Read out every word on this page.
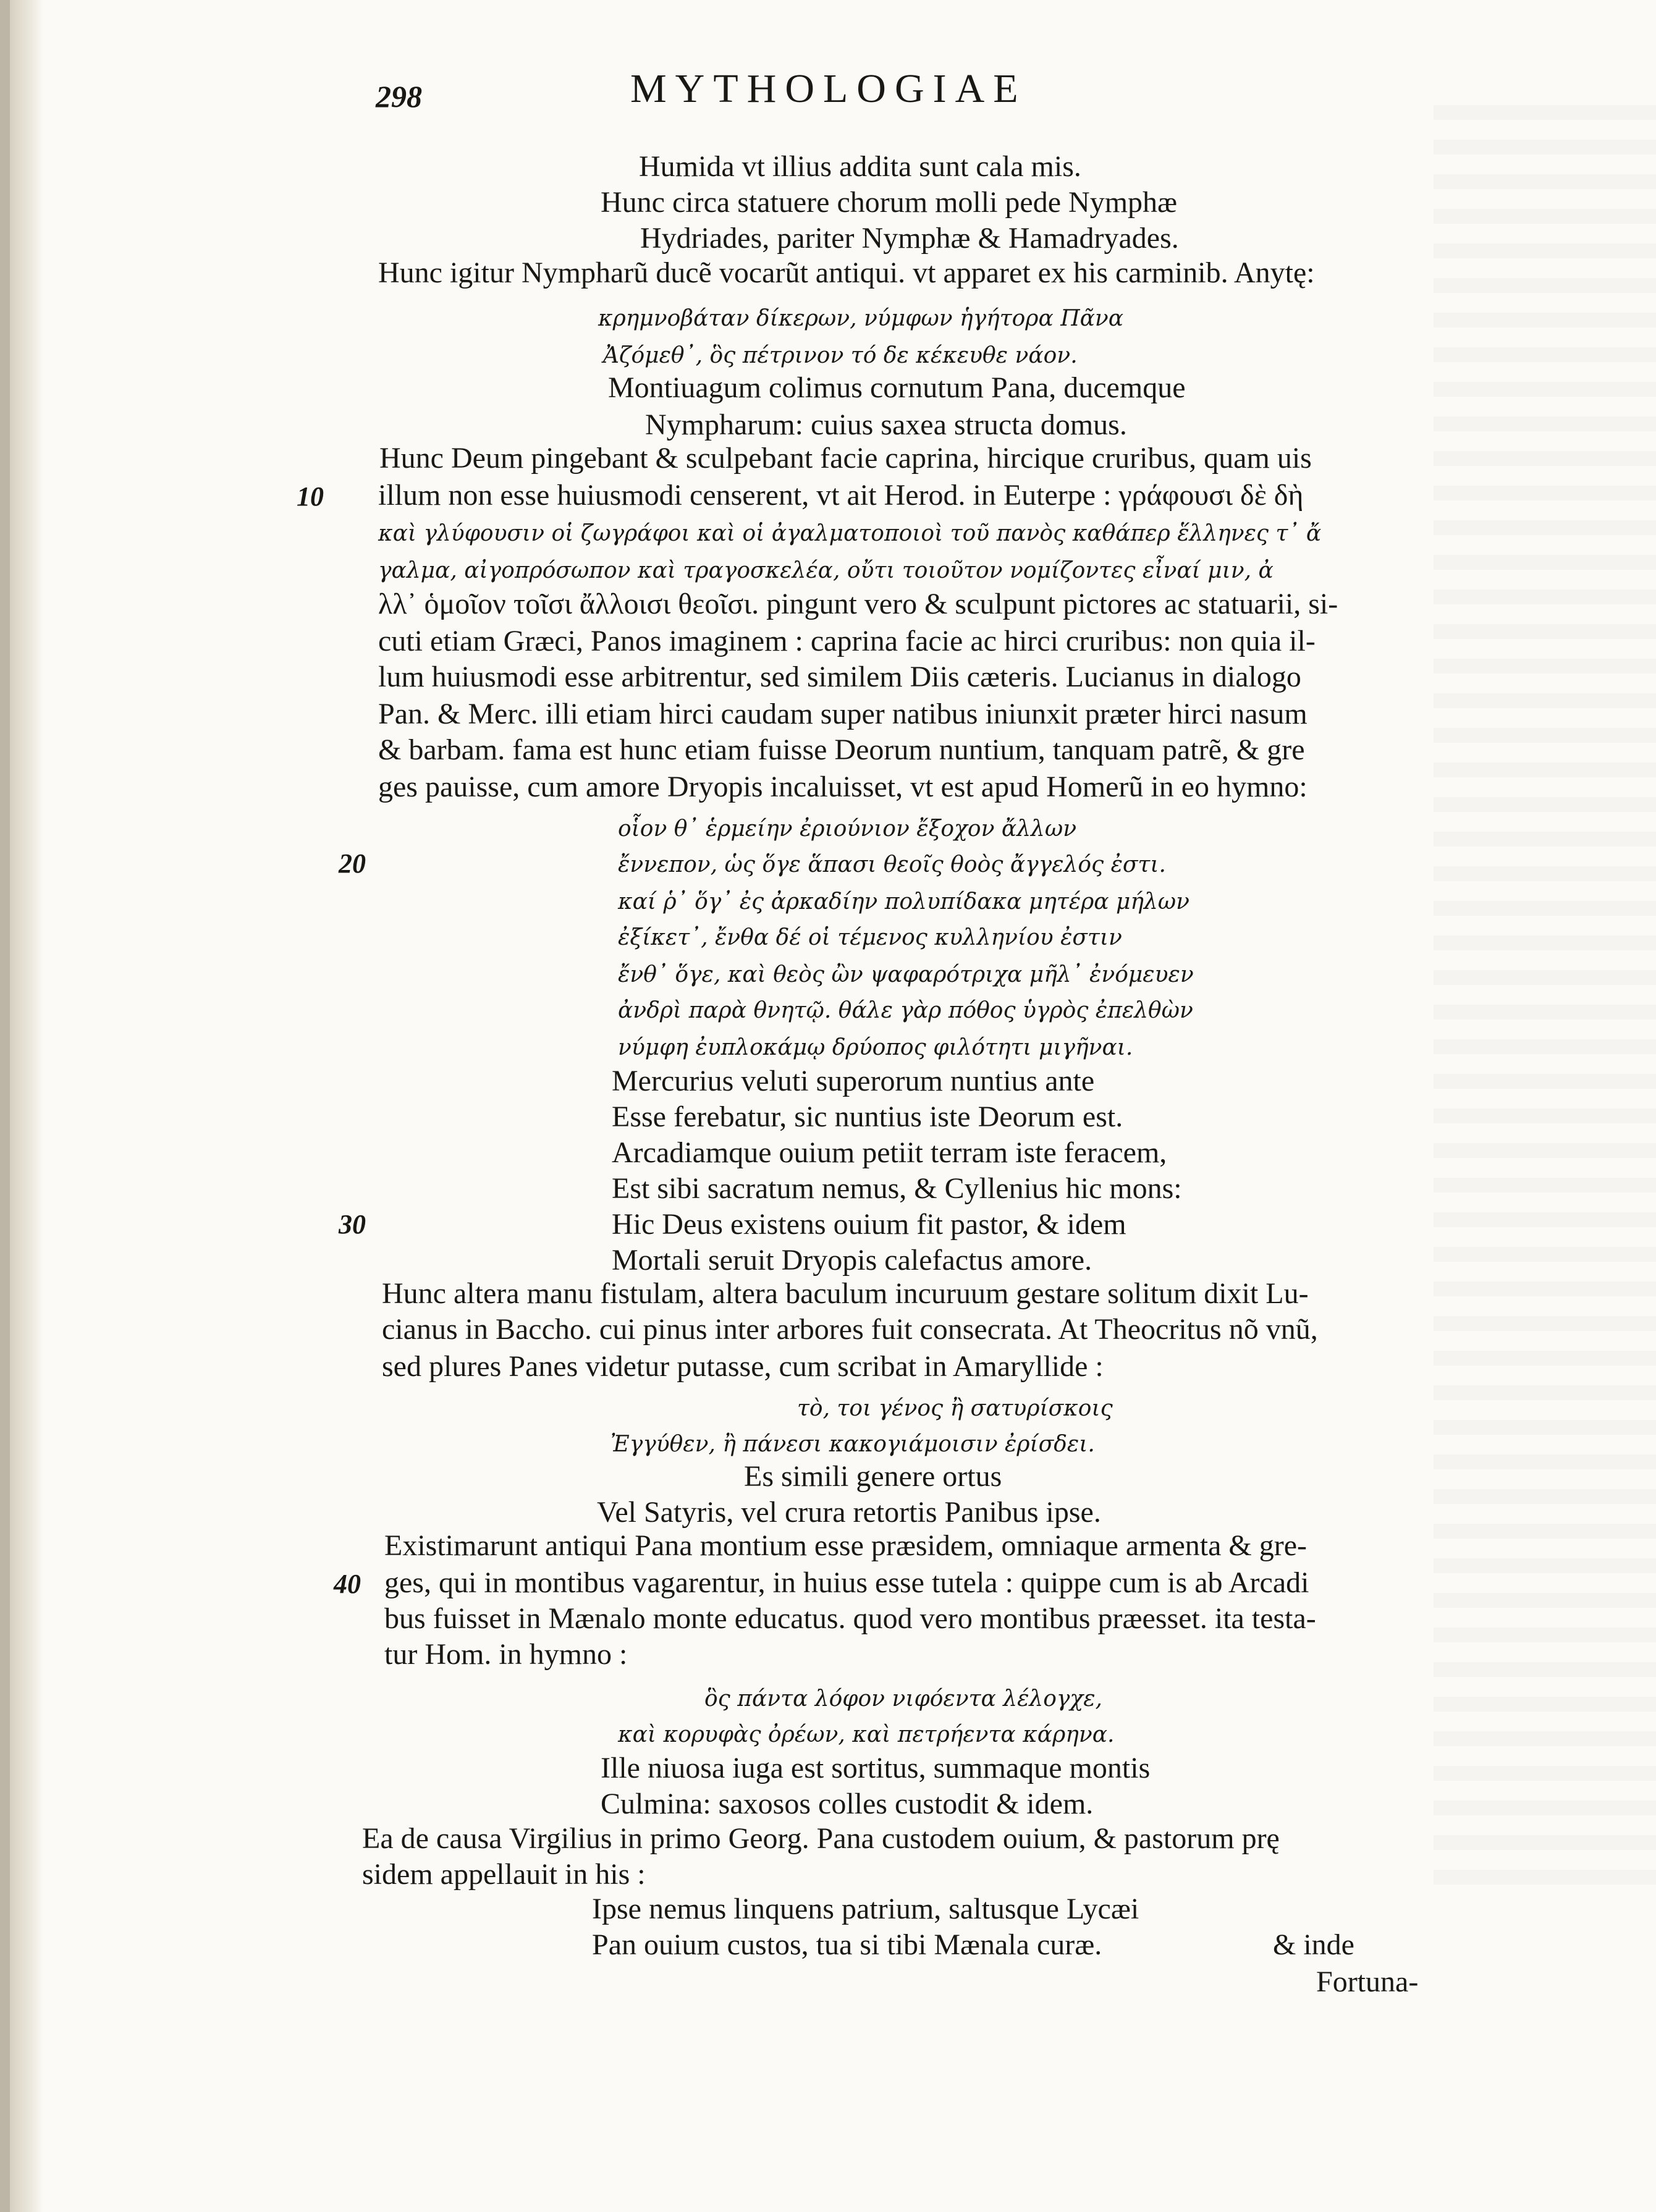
298	MYTHOLOGIAE
10
20
30
40
Humida vt illius addita sunt cala mis.
Hunc circa statuere chorum molli pede Nymphæ
Hydriades, pariter Nymphæ & Hamadryades.
Hunc igitur Nympharũ ducẽ vocarũt antiqui. vt apparet ex his carminib. Anytę:
κρημνοβάταν δίκερων, νύμφων ἡγήτορα Πᾶνα
Ἀζόμεθ᾽, ὃς πέτρινον τό δε κέκευθε νάον.
Montiuagum colimus cornutum Pana, ducemque
Nympharum: cuius saxea structa domus.
Hunc Deum pingebant & sculpebant facie caprina, hircique cruribus, quam uis
illum non esse huiusmodi censerent, vt ait Herod. in Euterpe : γράφουσι δὲ δὴ
καὶ γλύφουσιν οἱ ζωγράφοι καὶ οἱ ἀγαλματοποιοὶ τοῦ πανὸς καθάπερ ἕλληνες τ᾽ ἄ
γαλμα, αἰγοπρόσωπον καὶ τραγοσκελέα, οὔτι τοιοῦτον νομίζοντες εἶναί μιν, ἀ
λλ᾽ ὁμοῖον τοῖσι ἄλλοισι θεοῖσι. pingunt vero & sculpunt pictores ac statuarii, si-
cuti etiam Græci, Panos imaginem : caprina facie ac hirci cruribus: non quia il-
lum huiusmodi esse arbitrentur, sed similem Diis cæteris. Lucianus in dialogo
Pan. & Merc. illi etiam hirci caudam super natibus iniunxit præter hirci nasum
& barbam. fama est hunc etiam fuisse Deorum nuntium, tanquam patrẽ, & gre
ges pauisse, cum amore Dryopis incaluisset, vt est apud Homerũ in eo hymno:
οἷον θ᾽ ἑρμείην ἐριούνιον ἔξοχον ἄλλων
ἔννεπον, ὡς ὅγε ἅπασι θεοῖς θοὸς ἄγγελός ἐστι.
καί ῥ᾽ ὅγ᾽ ἐς ἀρκαδίην πολυπίδακα μητέρα μήλων
ἐξίκετ᾽, ἔνθα δέ οἱ τέμενος κυλληνίου ἐστιν
ἔνθ᾽ ὅγε, καὶ θεὸς ὢν ψαφαρότριχα μῆλ᾽ ἐνόμευεν
ἀνδρὶ παρὰ θνητῷ. θάλε γὰρ πόθος ὑγρὸς ἐπελθὼν
νύμφη ἐυπλοκάμῳ δρύοπος φιλότητι μιγῆναι.
Mercurius veluti superorum nuntius ante
Esse ferebatur, sic nuntius iste Deorum est.
Arcadiamque ouium petiit terram iste feracem,
Est sibi sacratum nemus, & Cyllenius hic mons:
Hic Deus existens ouium fit pastor, & idem
Mortali seruit Dryopis calefactus amore.
Hunc altera manu fistulam, altera baculum incuruum gestare solitum dixit Lu-
cianus in Baccho. cui pinus inter arbores fuit consecrata. At Theocritus nõ vnũ,
sed plures Panes videtur putasse, cum scribat in Amaryllide :
τὸ, τοι γένος ἢ σατυρίσκοις
Ἐγγύθεν, ἢ πάνεσι κακογιάμοισιν ἐρίσδει.
Es simili genere ortus
Vel Satyris, vel crura retortis Panibus ipse.
Existimarunt antiqui Pana montium esse præsidem, omniaque armenta & gre-
ges, qui in montibus vagarentur, in huius esse tutela : quippe cum is ab Arcadi
bus fuisset in Mænalo monte educatus. quod vero montibus præesset. ita testa-
tur Hom. in hymno :
ὃς πάντα λόφον νιφόεντα λέλογχε,
καὶ κορυφὰς ὀρέων, καὶ πετρήεντα κάρηνα.
Ille niuosa iuga est sortitus, summaque montis
Culmina: saxosos colles custodit & idem.
Ea de causa Virgilius in primo Georg. Pana custodem ouium, & pastorum prę
sidem appellauit in his :
Ipse nemus linquens patrium, saltusque Lycæi
Pan ouium custos, tua si tibi Mænala curæ.	& inde
Fortuna-
